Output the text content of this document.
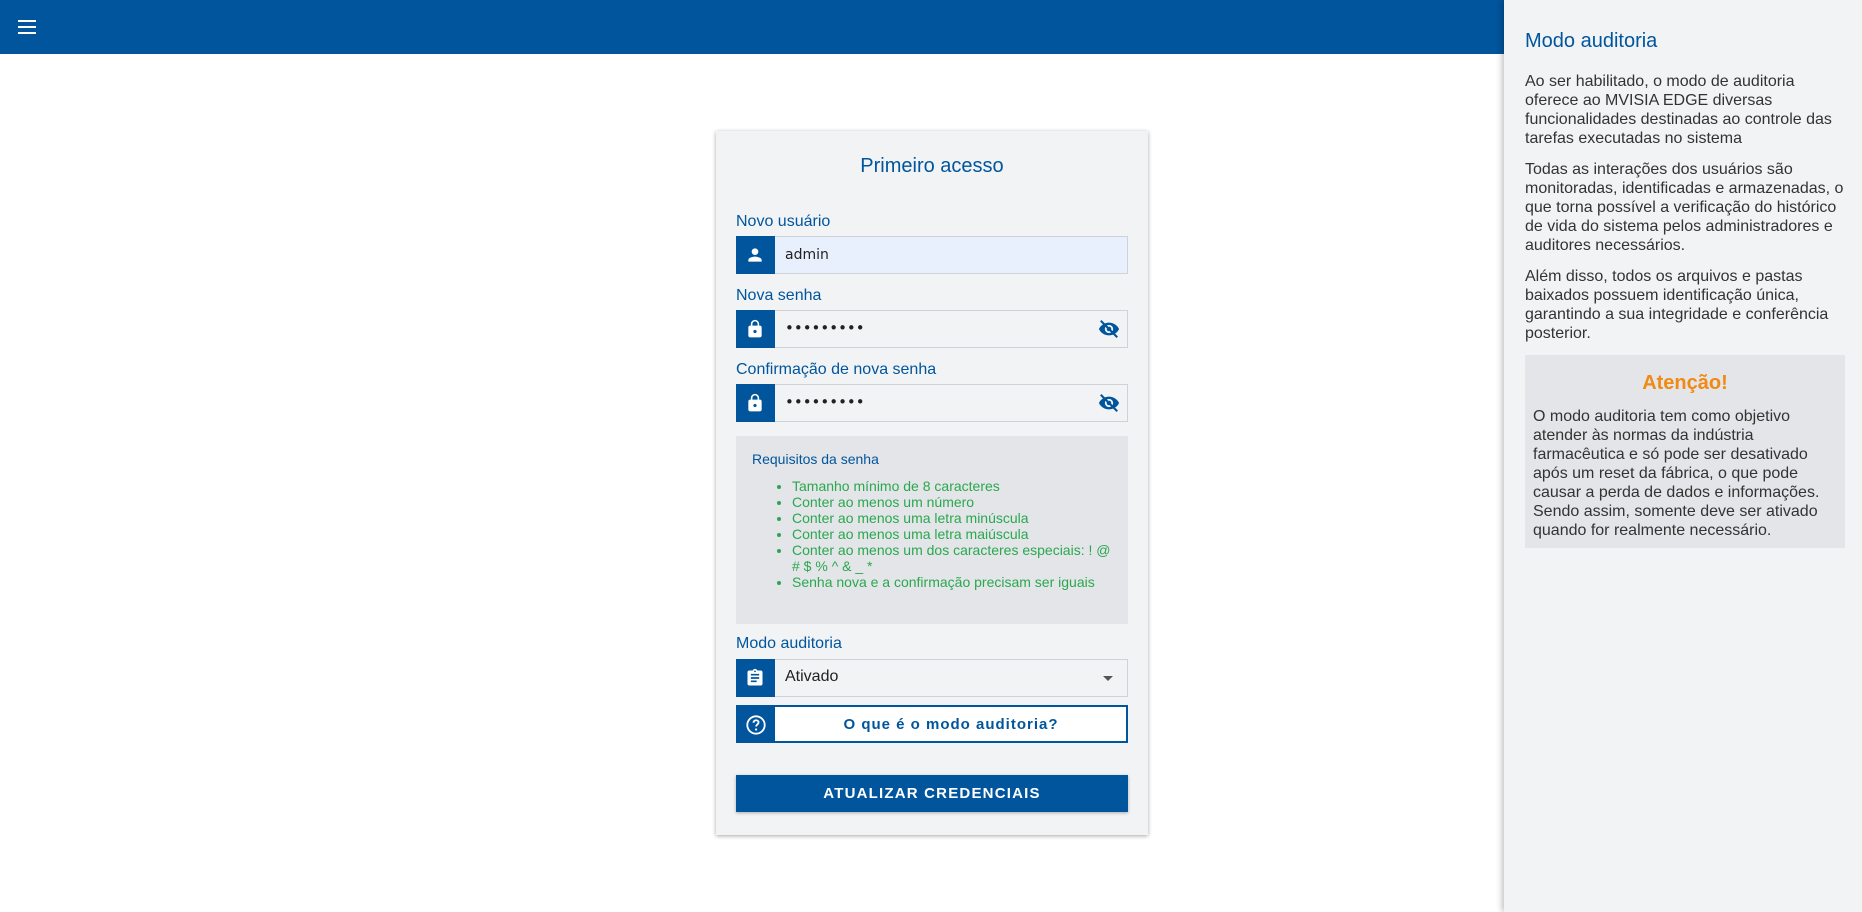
Primeiro acesso
Novo usuário
admin
Nova senha
•••••••••
Confirmação de nova senha
•••••••••
Requisitos da senha
• Tamanho mínimo de 8 caracteres
• Conter ao menos um número
• Conter ao menos uma letra minúscula
• Conter ao menos uma letra maiúscula
• Conter ao menos um dos caracteres especiais: ! @ # $ % ^ & _ *
• Senha nova e a confirmação precisam ser iguais
Modo auditoria
Ativado
O que é o modo auditoria?
ATUALIZAR CREDENCIAIS
Modo auditoria

Ao ser habilitado, o modo de auditoria oferece ao MVISIA EDGE diversas funcionalidades destinadas ao controle das tarefas executadas no sistema

Todas as interações dos usuários são monitoradas, identificadas e armazenadas, o que torna possível a verificação do histórico de vida do sistema pelos administradores e auditores necessários.

Além disso, todos os arquivos e pastas baixados possuem identificação única, garantindo a sua integridade e conferência posterior.

Atenção!

O modo auditoria tem como objetivo atender às normas da indústria farmacêutica e só pode ser desativado após um reset da fábrica, o que pode causar a perda de dados e informações. Sendo assim, somente deve ser ativado quando for realmente necessário.
